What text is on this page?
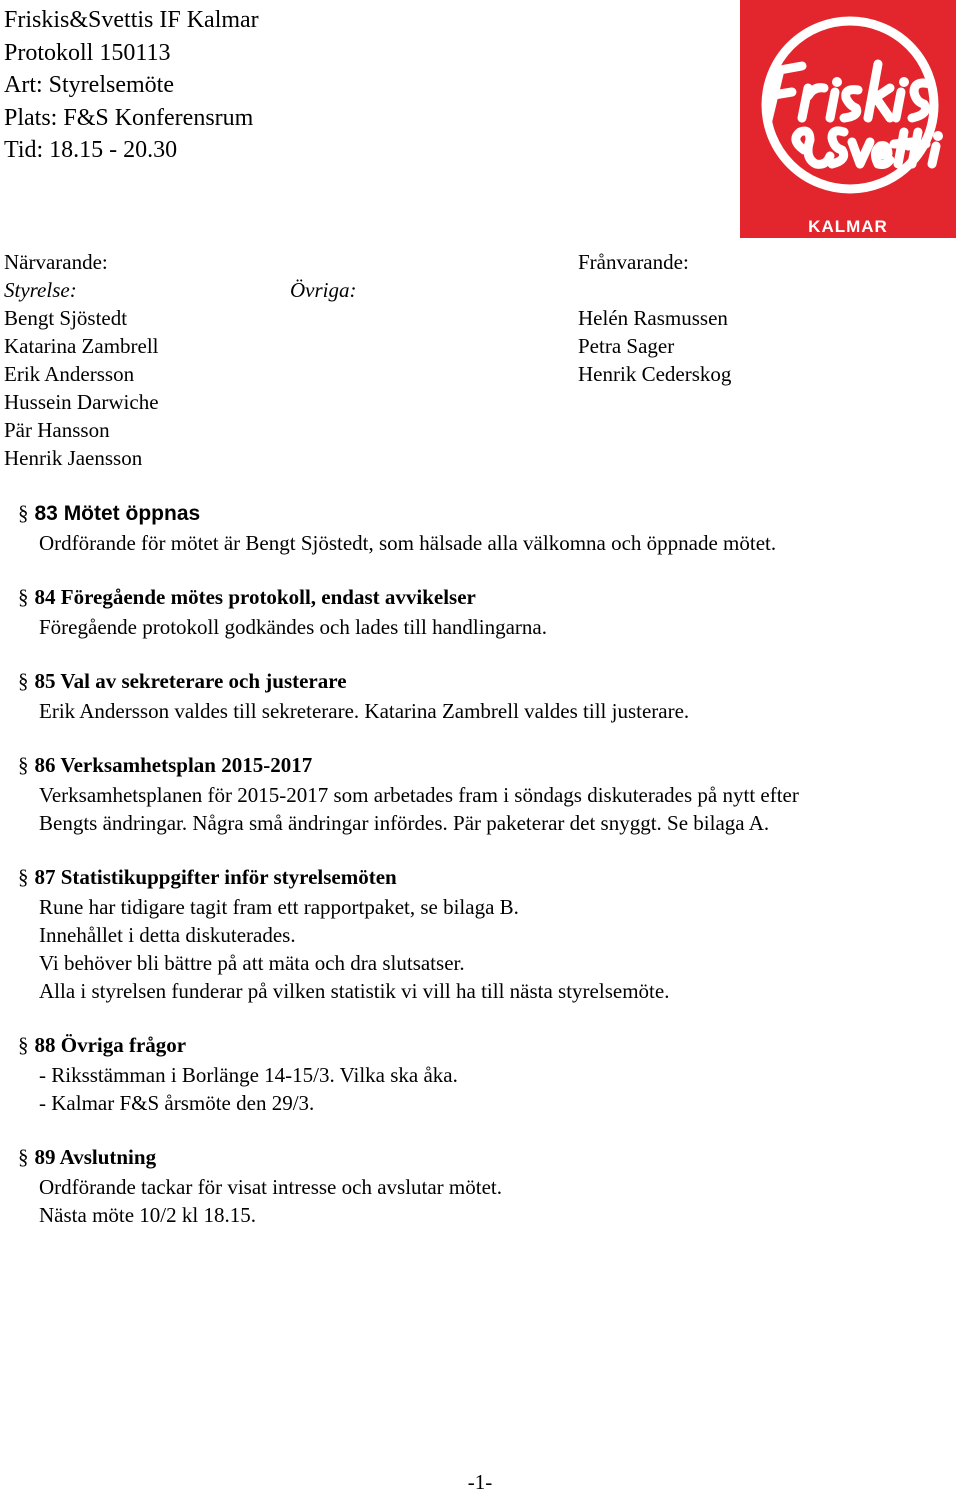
Friskis&Svettis IF Kalmar
Protokoll 150113
Art: Styrelsemöte
Plats: F&S Konferensrum
Tid: 18.15 - 20.30
KALMAR
Närvarande:
Styrelse:
Bengt Sjöstedt
Katarina Zambrell
Erik Andersson
Hussein Darwiche
Pär Hansson
Henrik Jaensson
Övriga:
Frånvarande:

Helén Rasmussen
Petra Sager
Henrik Cederskog
§ 83 Mötet öppnas
Ordförande för mötet är Bengt Sjöstedt, som hälsade alla välkomna och öppnade mötet.
§ 84 Föregående mötes protokoll, endast avvikelser
Föregående protokoll godkändes och lades till handlingarna.
§ 85 Val av sekreterare och justerare
Erik Andersson valdes till sekreterare. Katarina Zambrell valdes till justerare.
§ 86 Verksamhetsplan 2015-2017
Verksamhetsplanen för 2015-2017 som arbetades fram i söndags diskuterades på nytt efter
Bengts ändringar. Några små ändringar infördes. Pär paketerar det snyggt. Se bilaga A.
§ 87 Statistikuppgifter inför styrelsemöten
Rune har tidigare tagit fram ett rapportpaket, se bilaga B.
Innehållet i detta diskuterades.
Vi behöver bli bättre på att mäta och dra slutsatser.
Alla i styrelsen funderar på vilken statistik vi vill ha till nästa styrelsemöte.
§ 88 Övriga frågor
- Riksstämman i Borlänge 14-15/3. Vilka ska åka.
- Kalmar F&S årsmöte den 29/3.
§ 89 Avslutning
Ordförande tackar för visat intresse och avslutar mötet.
Nästa möte 10/2 kl 18.15.
-1-
